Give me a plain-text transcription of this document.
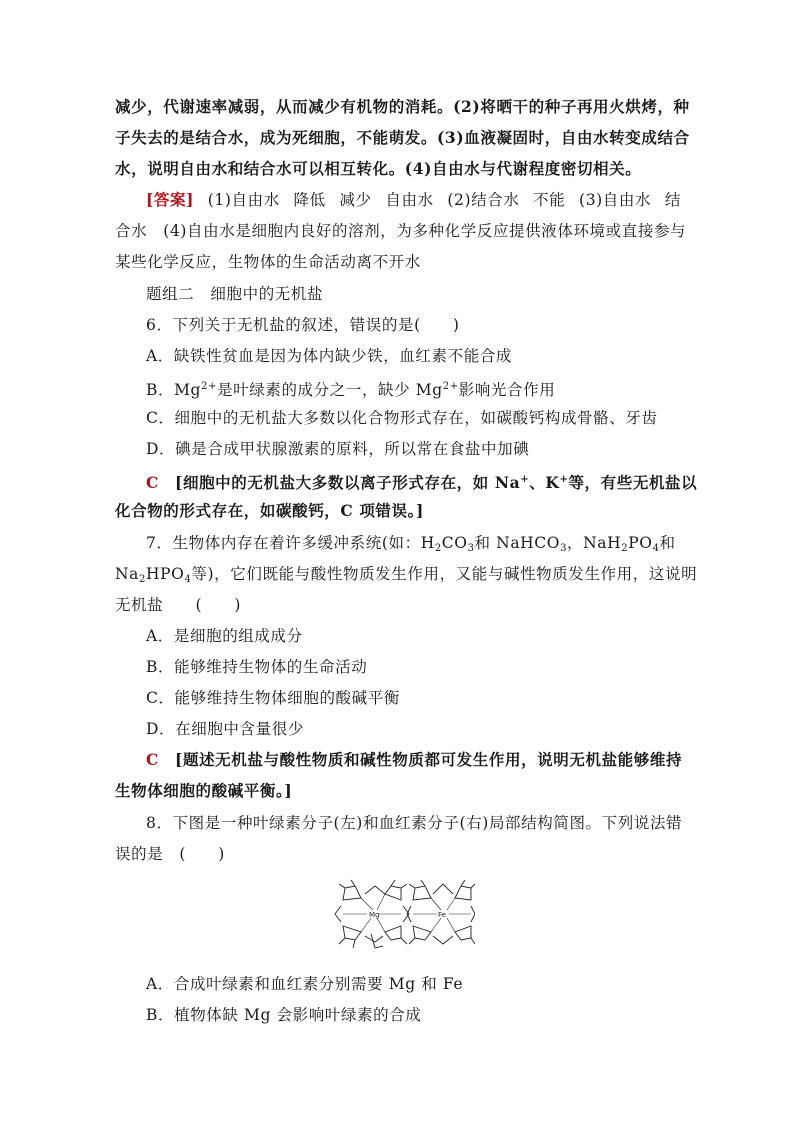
减少，代谢速率减弱，从而减少有机物的消耗。(2)将晒干的种子再用火烘烤，种
子失去的是结合水，成为死细胞，不能萌发。(3)血液凝固时，自由水转变成结合
水，说明自由水和结合水可以相互转化。(4)自由水与代谢程度密切相关。
[答案] (1)自由水 降低 减少 自由水 (2)结合水 不能 (3)自由水 结
合水　(4)自由水是细胞内良好的溶剂，为多种化学反应提供液体环境或直接参与
某些化学反应，生物体的生命活动离不开水
题组二　细胞中的无机盐
6．下列关于无机盐的叙述，错误的是(　　)
A．缺铁性贫血是因为体内缺少铁，血红素不能合成
B．$Mg^{2+}$是叶绿素的成分之一，缺少 $Mg^{2+}$影响光合作用
C．细胞中的无机盐大多数以化合物形式存在，如碳酸钙构成骨骼、牙齿
D．碘是合成甲状腺激素的原料，所以常在食盐中加碘
C　 [细胞中的无机盐大多数以离子形式存在，如 Na+、K+等，有些无机盐以
化合物的形式存在，如碳酸钙，C 项错误。]
7．生物体内存在着许多缓冲系统(如：$H_2CO_3$和 NaHCO$_3$，$NaH_2PO_4$和
$Na_2HPO_4$等)，它们既能与酸性物质发生作用，又能与碱性物质发生作用，这说明
无机盐　　(　　)
A．是细胞的组成成分
B．能够维持生物体的生命活动
C．能够维持生物体细胞的酸碱平衡
D．在细胞中含量很少
C　 [题述无机盐与酸性物质和碱性物质都可发生作用，说明无机盐能够维持
生物体细胞的酸碱平衡。]
8．下图是一种叶绿素分子(左)和血红素分子(右)局部结构简图。下列说法错
误的是　(　　)
Mg	Fe
A．合成叶绿素和血红素分别需要 Mg 和 Fe
B．植物体缺 Mg 会影响叶绿素的合成
